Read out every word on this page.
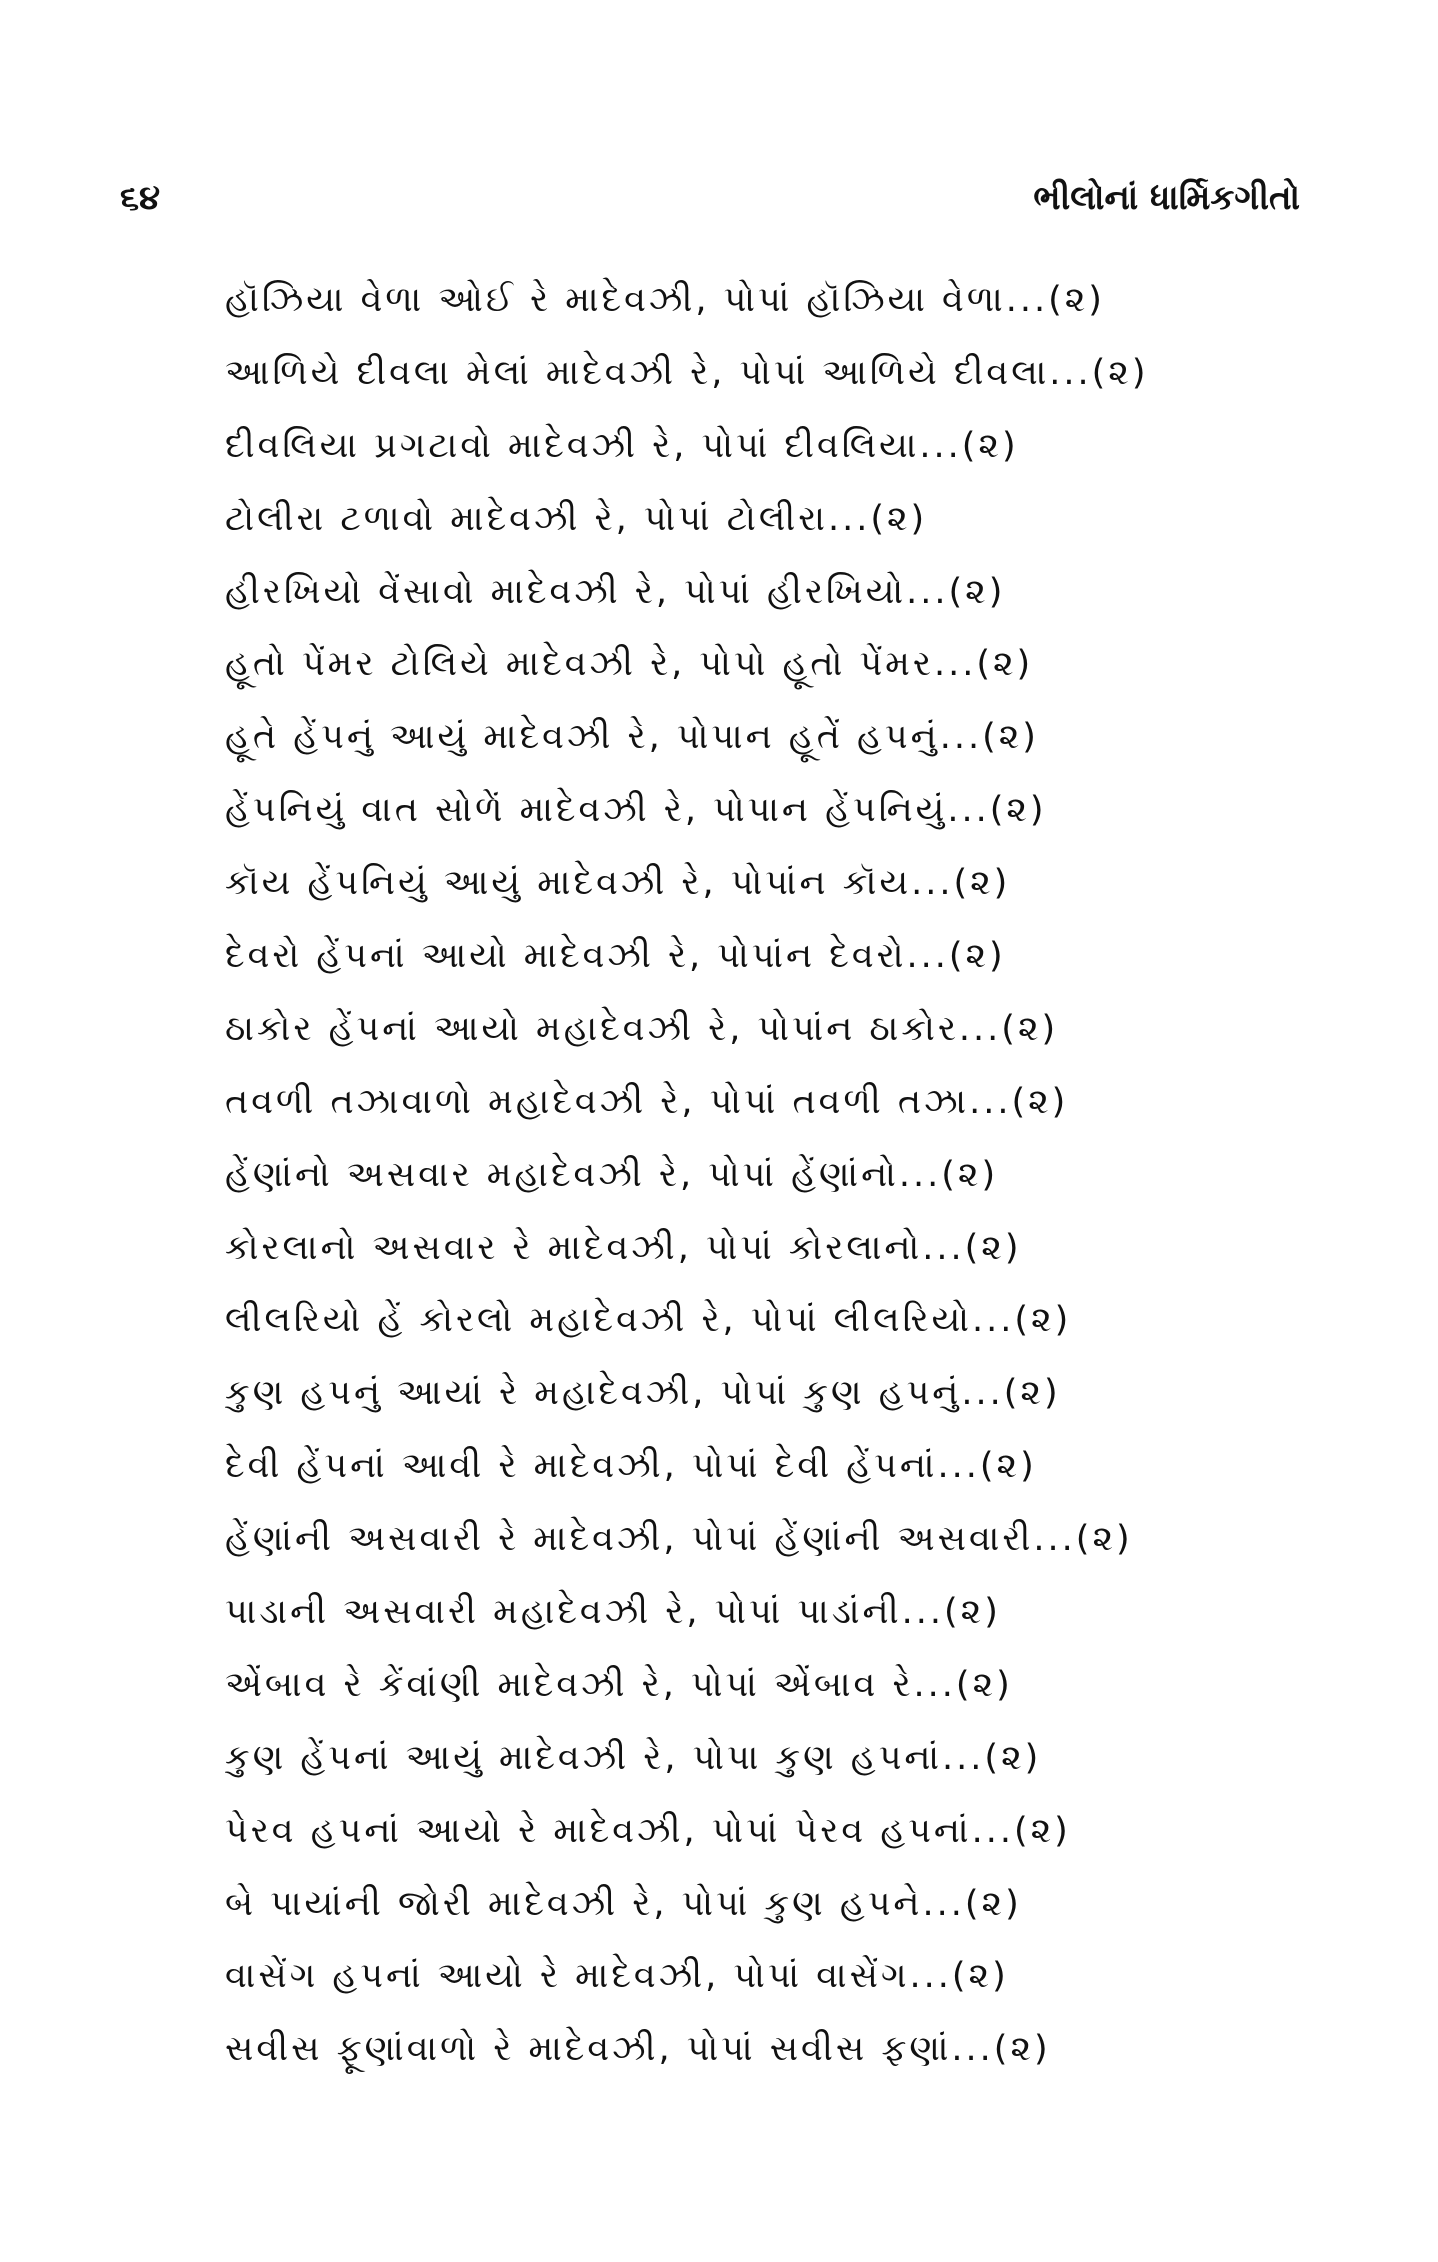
૬૪	ભીલોનાં ધાર્મિકગીતો
હૉઝિયા વેળા ઓઈ રે માદેવઝી, પોપાં હૉઝિયા વેળા...(૨)
આળિયે દીવલા મેલાં માદેવઝી રે, પોપાં આળિયે દીવલા...(૨)
દીવલિયા પ્રગટાવો માદેવઝી રે, પોપાં દીવલિયા...(૨)
ટોલીરા ટળાવો માદેવઝી રે, પોપાં ટોલીરા...(૨)
હીરખિયો વેંસાવો માદેવઝી રે, પોપાં હીરખિયો...(૨)
હૂતો પેંમર ટોલિયે માદેવઝી રે, પોપો હૂતો પેંમર...(૨)
હૂતે હેંપનું આયું માદેવઝી રે, પોપાન હૂતેં હપનું...(૨)
હેંપનિયું વાત સોળેં માદેવઝી રે, પોપાન હેંપનિયું...(૨)
કૉય હેંપનિયું આયું માદેવઝી રે, પોપાંન કૉય...(૨)
દેવરો હેંપનાં આયો માદેવઝી રે, પોપાંન દેવરો...(૨)
ઠાકોર હેંપનાં આયો મહાદેવઝી રે, પોપાંન ઠાકોર...(૨)
તવળી તઝાવાળો મહાદેવઝી રે, પોપાં તવળી તઝા...(૨)
હેંણાંનો અસવાર મહાદેવઝી રે, પોપાં હેંણાંનો...(૨)
કોરલાનો અસવાર રે માદેવઝી, પોપાં કોરલાનો...(૨)
લીલરિયો હેં કોરલો મહાદેવઝી રે, પોપાં લીલરિયો...(૨)
કુણ હપનું આયાં રે મહાદેવઝી, પોપાં કુણ હપનું...(૨)
દેવી હેંપનાં આવી રે માદેવઝી, પોપાં દેવી હેંપનાં...(૨)
હેંણાંની અસવારી રે માદેવઝી, પોપાં હેંણાંની અસવારી...(૨)
પાડાની અસવારી મહાદેવઝી રે, પોપાં પાડાંની...(૨)
એંબાવ રે કેંવાંણી માદેવઝી રે, પોપાં એંબાવ રે...(૨)
કુણ હેંપનાં આયું માદેવઝી રે, પોપા કુણ હપનાં...(૨)
પેરવ હપનાં આયો રે માદેવઝી, પોપાં પેરવ હપનાં...(૨)
બે પાયાંની જોરી માદેવઝી રે, પોપાં કુણ હપને...(૨)
વાસેંગ હપનાં આયો રે માદેવઝી, પોપાં વાસેંગ...(૨)
સવીસ ફૂણાંવાળો રે માદેવઝી, પોપાં સવીસ ફણાં...(૨)
